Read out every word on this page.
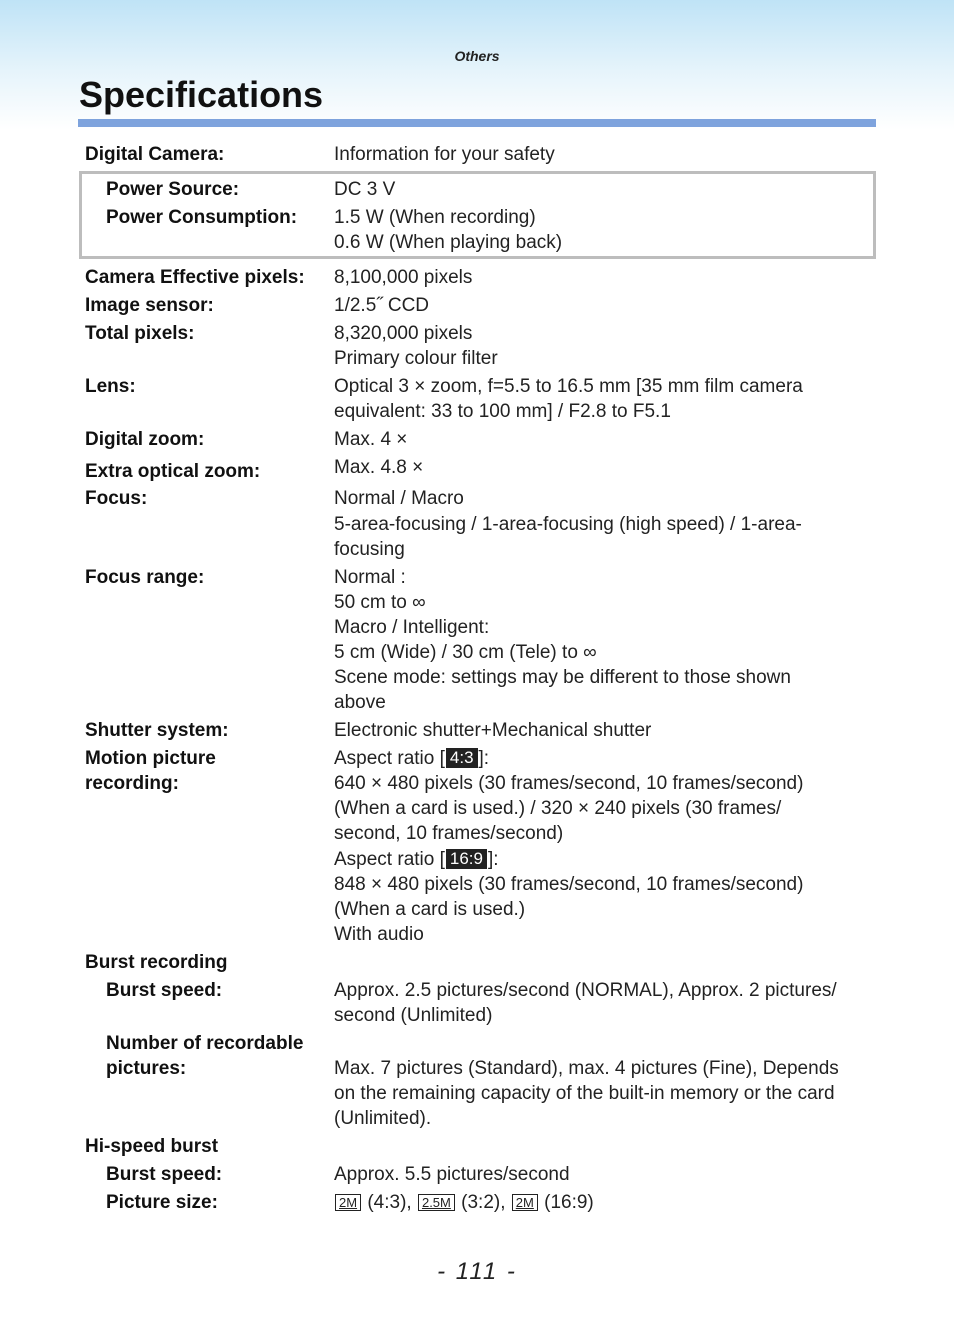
Others
Specifications
Digital Camera:	Information for your safety
Power Source:	DC 3 V
Power Consumption: 1.5 W (When recording)
0.6 W (When playing back)
Camera Effective pixels: 8,100,000 pixels
Image sensor:	1/2.5˝ CCD
Total pixels:	8,320,000 pixels
Primary colour filter
Lens:	Optical 3 × zoom, f=5.5 to 16.5 mm [35 mm film camera
equivalent: 33 to 100 mm] / F2.8 to F5.1
Digital zoom:	Max. 4 ×
Extra optical zoom:	Max. 4.8 ×
Focus:	Normal / Macro
5-area-focusing / 1-area-focusing (high speed) / 1-area-
focusing
Focus range:	Normal :
50 cm to ∞
Macro / Intelligent:
5 cm (Wide) / 30 cm (Tele) to ∞
Scene mode: settings may be different to those shown
above
Shutter system:	Electronic shutter+Mechanical shutter
Motion picture
recording:
Aspect ratio [ 4:3 ]:
640 × 480 pixels (30 frames/second, 10 frames/second)
(When a card is used.) / 320 × 240 pixels (30 frames/
second, 10 frames/second)
Aspect ratio [ 16:9 ]:
848 × 480 pixels (30 frames/second, 10 frames/second)
(When a card is used.)
With audio
Burst recording
Burst speed:	Approx. 2.5 pictures/second (NORMAL), Approx. 2 pictures/
second (Unlimited)
Number of recordable
pictures:	Max. 7 pictures (Standard), max. 4 pictures (Fine), Depends
on the remaining capacity of the built-in memory or the card
(Unlimited).
Hi-speed burst
Burst speed:	Approx. 5.5 pictures/second
Picture size:	2M (4:3), 2.5M (3:2), 2M (16:9)
- 111 -
